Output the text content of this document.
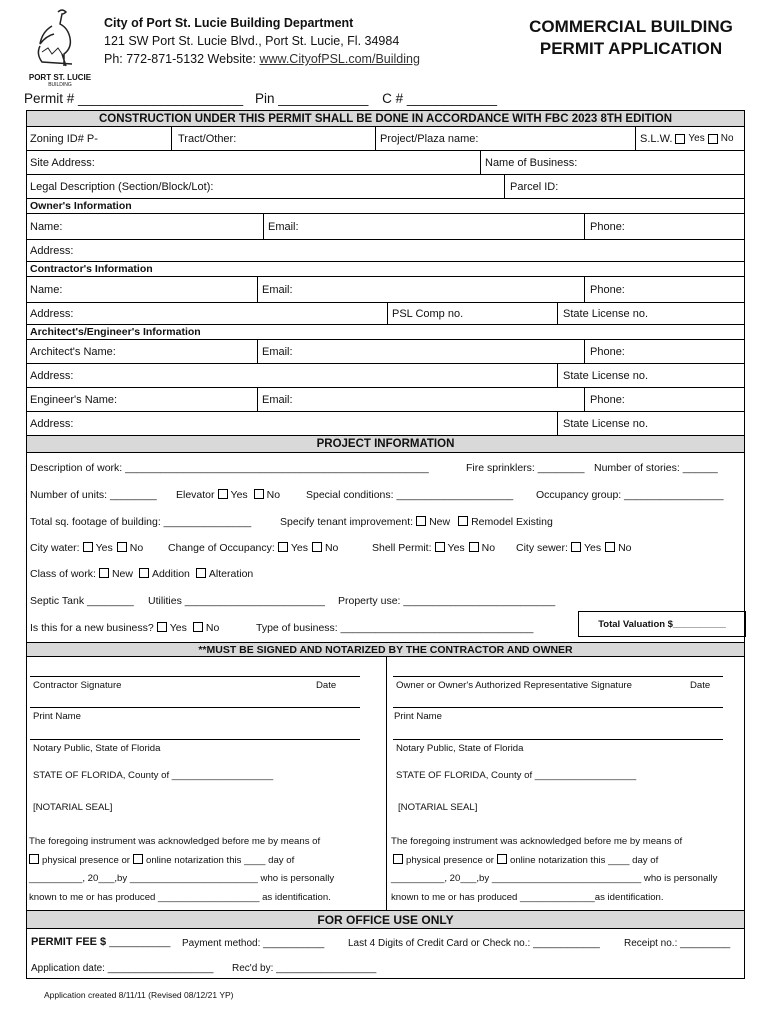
PORT ST. LUCIE
BUILDING
City of Port St. Lucie Building Department
121 SW Port St. Lucie Blvd., Port St. Lucie, Fl. 34984
Ph: 772-871-5132 Website: www.CityofPSL.com/Building
COMMERCIAL BUILDING
PERMIT APPLICATION
Permit # ______________________ Pin ____________ C # ____________
CONSTRUCTION UNDER THIS PERMIT SHALL BE DONE IN ACCORDANCE WITH FBC 2023 8TH EDITION
Zoning ID# P-	Tract/Other:	Project/Plaza name:	S.L.W. Yes No
Site Address:	Name of Business:
Legal Description (Section/Block/Lot):	Parcel ID:
Owner's Information
Name:	Email:	Phone:
Address:
Contractor's Information
Name:	Email:	Phone:
Address:	PSL Comp no.	State License no.
Architect's/Engineer's Information
Architect's Name:	Email:	Phone:
Address:	State License no.
Engineer's Name:	Email:	Phone:
Address:	State License no.
PROJECT INFORMATION
Description of work: ____________________________________________________	Fire sprinklers: ________ Number of stories: ______
Number of units: ________ Elevator Yes No Special conditions: ____________________ Occupancy group: _________________
Total sq. footage of building: _______________	Specify tenant improvement: New Remodel Existing
City water: Yes No Change of Occupancy: Yes No	Shell Permit: Yes No City sewer: Yes No
Class of work: New Addition Alteration
Septic Tank ________ Utilities ________________________ Property use: __________________________
Is this for a new business? Yes No	Type of business: _________________________________	Total Valuation $__________
**MUST BE SIGNED AND NOTARIZED BY THE CONTRACTOR AND OWNER
Contractor Signature	Date
Print Name
Notary Public, State of Florida
STATE OF FLORIDA, County of ___________________
[NOTARIAL SEAL]
The foregoing instrument was acknowledged before me by means of
physical presence or online notarization this ____ day of
__________, 20___,by ________________________ who is personally
known to me or has produced ___________________ as identification.
Owner or Owner's Authorized Representative Signature	Date
Print Name
Notary Public, State of Florida
STATE OF FLORIDA, County of ___________________
[NOTARIAL SEAL]
The foregoing instrument was acknowledged before me by means of
physical presence or online notarization this ____ day of
__________, 20___,by ____________________________ who is personally
known to me or has produced ______________as identification.
FOR OFFICE USE ONLY
PERMIT FEE $ ___________ Payment method: ___________ Last 4 Digits of Credit Card or Check no.: ____________ Receipt no.: _________
Application date: ___________________ Rec'd by: __________________
Application created 8/11/11 (Revised 08/12/21 YP)
